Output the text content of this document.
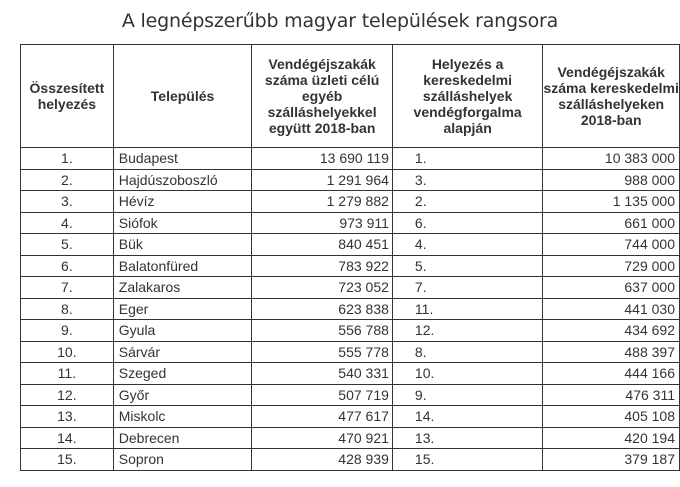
A legnépszerűbb magyar települések rangsora
Összesített helyezés	Település	Vendégéjszakák száma üzleti célú egyéb szálláshelyekkel együtt 2018-ban	Helyezés a kereskedelmi szálláshelyek vendégforgalma alapján	Vendégéjszakák száma kereskedelmi szálláshelyeken 2018-ban
1.	Budapest	13 690 119	1.	10 383 000
2.	Hajdúszoboszló	1 291 964	3.	988 000
3.	Hévíz	1 279 882	2.	1 135 000
4.	Siófok	973 911	6.	661 000
5.	Bük	840 451	4.	744 000
6.	Balatonfüred	783 922	5.	729 000
7.	Zalakaros	723 052	7.	637 000
8.	Eger	623 838	11.	441 030
9.	Gyula	556 788	12.	434 692
10.	Sárvár	555 778	8.	488 397
11.	Szeged	540 331	10.	444 166
12.	Győr	507 719	9.	476 311
13.	Miskolc	477 617	14.	405 108
14.	Debrecen	470 921	13.	420 194
15.	Sopron	428 939	15.	379 187
